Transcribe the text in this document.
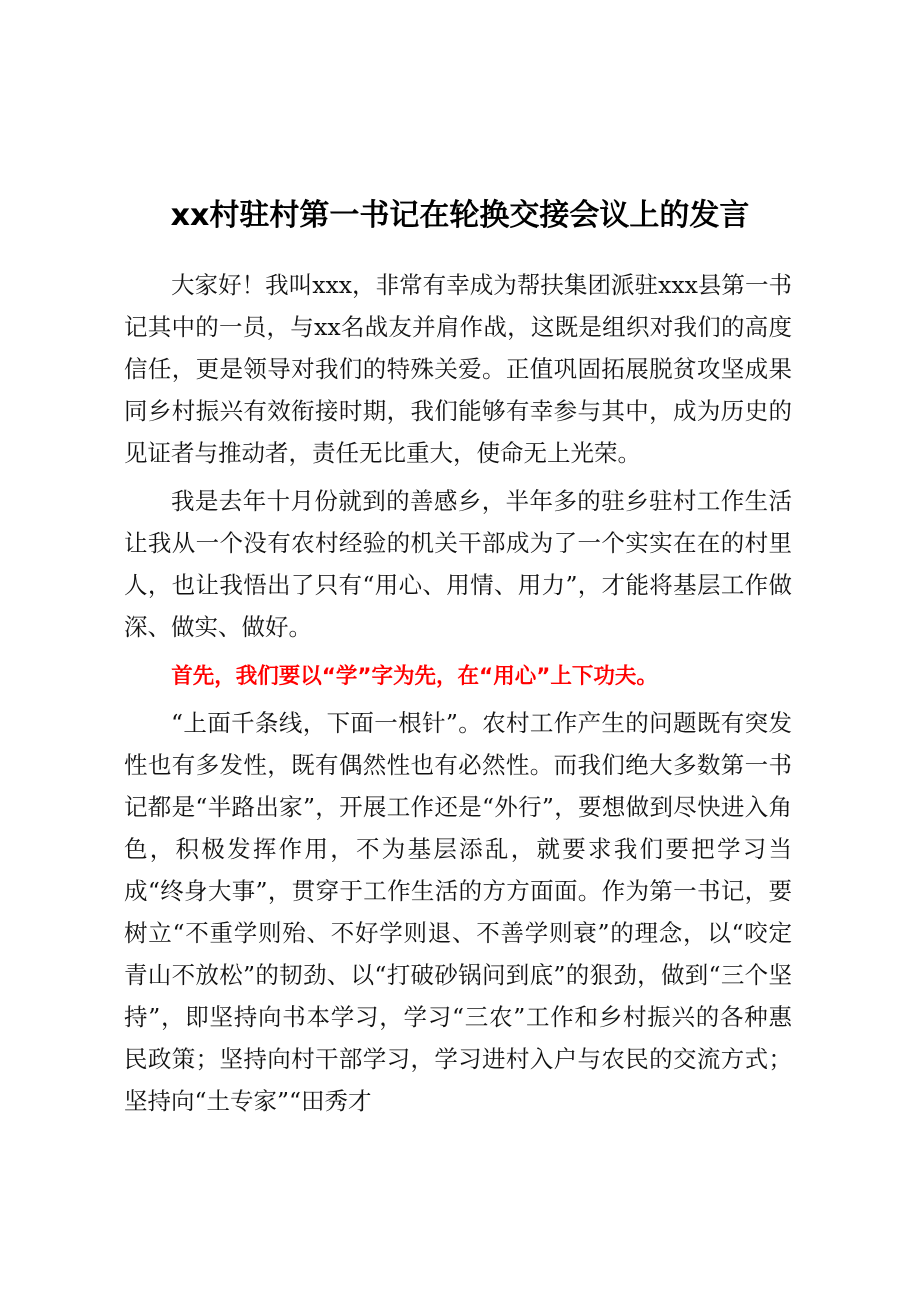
xx村驻村第一书记在轮换交接会议上的发言

大家好！我叫xxx，非常有幸成为帮扶集团派驻xxx县第一书记其中的一员，与xx名战友并肩作战，这既是组织对我们的高度信任，更是领导对我们的特殊关爱。正值巩固拓展脱贫攻坚成果同乡村振兴有效衔接时期，我们能够有幸参与其中，成为历史的见证者与推动者，责任无比重大，使命无上光荣。

我是去年十月份就到的善感乡，半年多的驻乡驻村工作生活让我从一个没有农村经验的机关干部成为了一个实实在在的村里人，也让我悟出了只有“用心、用情、用力”，才能将基层工作做深、做实、做好。

首先，我们要以“学”字为先，在“用心”上下功夫。

“上面千条线，下面一根针”。农村工作产生的问题既有突发性也有多发性，既有偶然性也有必然性。而我们绝大多数第一书记都是“半路出家”，开展工作还是“外行”，要想做到尽快进入角色，积极发挥作用，不为基层添乱，就要求我们要把学习当成“终身大事”，贯穿于工作生活的方方面面。作为第一书记，要树立“不重学则殆、不好学则退、不善学则衰”的理念，以“咬定青山不放松”的韧劲、以“打破砂锅问到底”的狠劲，做到“三个坚持”，即坚持向书本学习，学习“三农”工作和乡村振兴的各种惠民政策；坚持向村干部学习，学习进村入户与农民的交流方式；坚持向“土专家”“田秀才
